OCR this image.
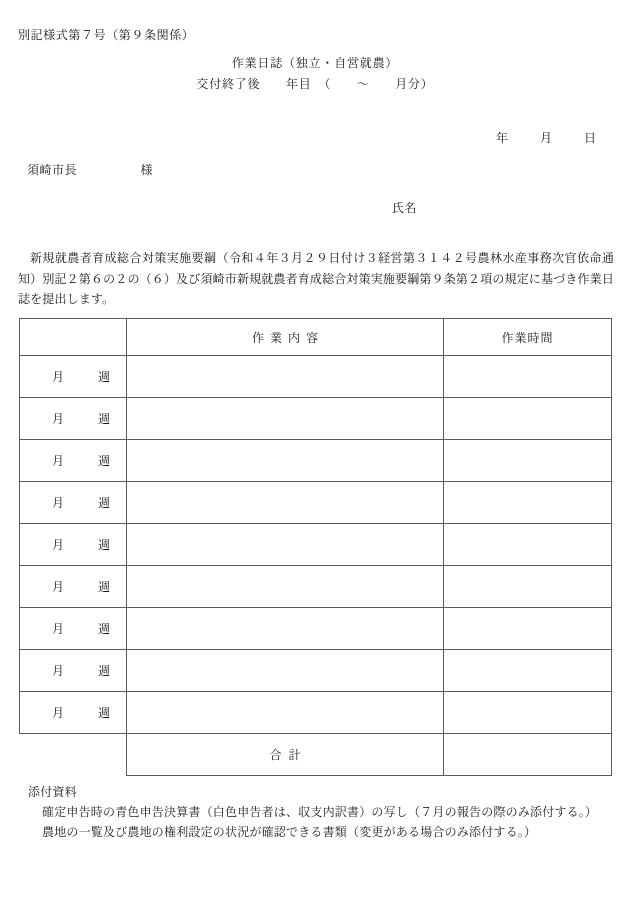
別記様式第７号（第９条関係）
作業日誌（独立・自営就農）
交付終了後　　年目　（　　～　　月分）
年	月	日
須崎市長	様
氏名
新規就農者育成総合対策実施要綱（令和４年３月２９日付け３経営第３１４２号農林水産事務次官依命通知）別記２第６の２の（６）及び須崎市新規就農者育成総合対策実施要綱第９条第２項の規定に基づき作業日誌を提出します。
	作業内容	作業時間
月 週		
月 週		
月 週		
月 週		
月 週		
月 週		
月 週		
月 週		
月 週		
	合計	
添付資料
確定申告時の青色申告決算書（白色申告者は、収支内訳書）の写し（７月の報告の際のみ添付する。）
農地の一覧及び農地の権利設定の状況が確認できる書類（変更がある場合のみ添付する。）
